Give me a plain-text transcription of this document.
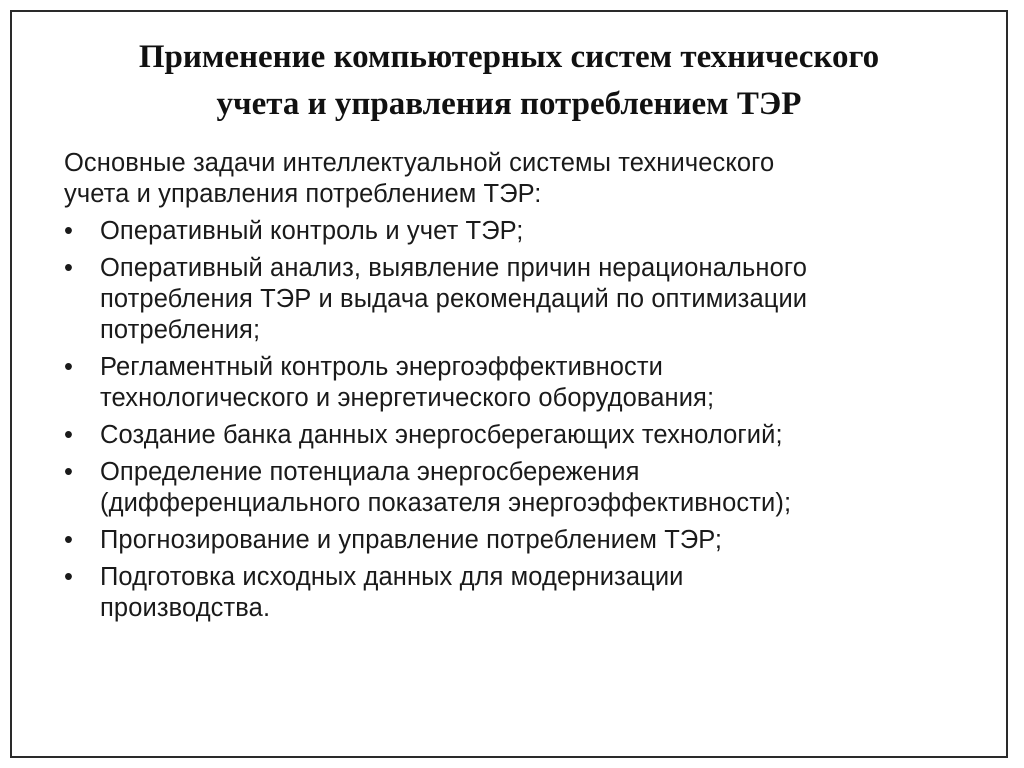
Применение компьютерных систем технического
учета и управления потреблением ТЭР

Основные задачи интеллектуальной системы технического
учета и управления потреблением ТЭР:

•	Оперативный контроль и учет ТЭР;
•	Оперативный анализ, выявление причин нерационального
потребления ТЭР и выдача рекомендаций по оптимизации
потребления;
•	Регламентный контроль энергоэффективности
технологического и энергетического оборудования;
•	Создание банка данных энергосберегающих технологий;
•	Определение потенциала энергосбережения
(дифференциального показателя энергоэффективности);
•	Прогнозирование и управление потреблением ТЭР;
•	Подготовка исходных данных для модернизации
производства.
